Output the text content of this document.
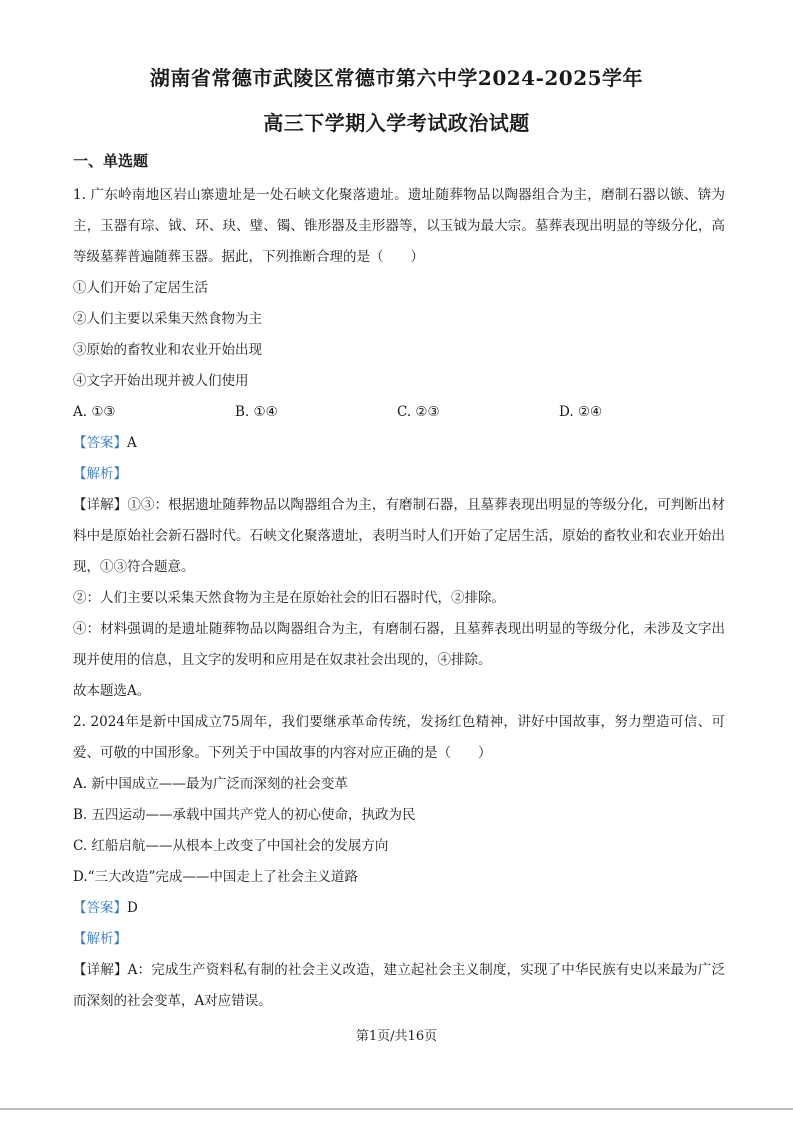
湖南省常德市武陵区常德市第六中学2024-2025学年
高三下学期入学考试政治试题
一、单选题

1. 广东岭南地区岩山寨遗址是一处石峡文化聚落遗址。遗址随葬物品以陶器组合为主，磨制石器以镞、锛为主，玉器有琮、钺、环、玦、璧、镯、锥形器及圭形器等，以玉钺为最大宗。墓葬表现出明显的等级分化，高等级墓葬普遍随葬玉器。据此，下列推断合理的是（　　）

①人们开始了定居生活

②人们主要以采集天然食物为主

③原始的畜牧业和农业开始出现

④文字开始出现并被人们使用

A. ①③	B. ①④	C. ②③	D. ②④

【答案】A

【解析】

【详解】①③：根据遗址随葬物品以陶器组合为主，有磨制石器，且墓葬表现出明显的等级分化，可判断出材料中是原始社会新石器时代。石峡文化聚落遗址，表明当时人们开始了定居生活，原始的畜牧业和农业开始出现，①③符合题意。

②：人们主要以采集天然食物为主是在原始社会的旧石器时代，②排除。

④：材料强调的是遗址随葬物品以陶器组合为主，有磨制石器，且墓葬表现出明显的等级分化，未涉及文字出现并使用的信息，且文字的发明和应用是在奴隶社会出现的，④排除。

故本题选A。

2. 2024年是新中国成立75周年，我们要继承革命传统，发扬红色精神，讲好中国故事，努力塑造可信、可爱、可敬的中国形象。下列关于中国故事的内容对应正确的是（　　）

A. 新中国成立——最为广泛而深刻的社会变革

B. 五四运动——承载中国共产党人的初心使命，执政为民

C. 红船启航——从根本上改变了中国社会的发展方向

D.“三大改造”完成——中国走上了社会主义道路

【答案】D

【解析】

【详解】A：完成生产资料私有制的社会主义改造，建立起社会主义制度，实现了中华民族有史以来最为广泛而深刻的社会变革，A对应错误。

第1页/共16页
